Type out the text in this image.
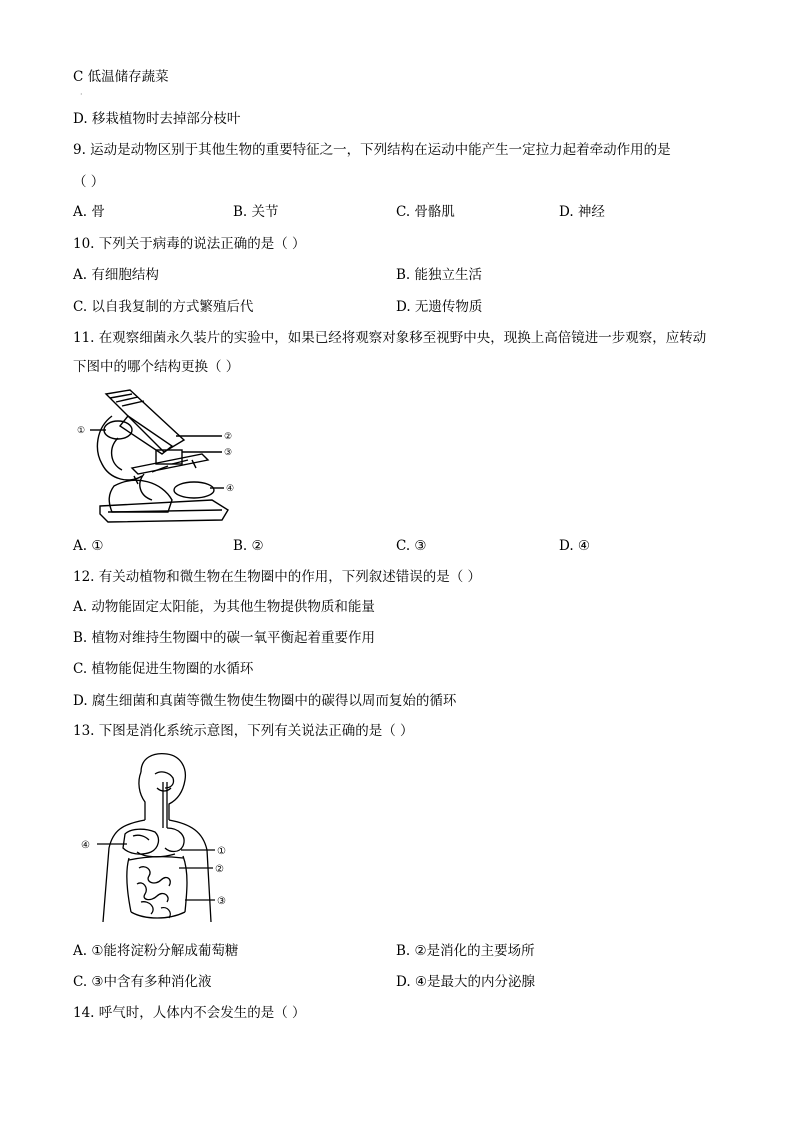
C 低温储存蔬菜
·
D. 移栽植物时去掉部分枝叶
9. 运动是动物区别于其他生物的重要特征之一，下列结构在运动中能产生一定拉力起着牵动作用的是
（ ）
A. 骨	B. 关节	C. 骨骼肌	D. 神经
10. 下列关于病毒的说法正确的是（ ）
A. 有细胞结构	B. 能独立生活
C. 以自我复制的方式繁殖后代	D. 无遗传物质
11. 在观察细菌永久装片的实验中，如果已经将观察对象移至视野中央，现换上高倍镜进一步观察，应转动
下图中的哪个结构更换（ ）
①
②
③
④
A. ①	B. ②	C. ③	D. ④
12. 有关动植物和微生物在生物圈中的作用，下列叙述错误的是（ ）
A. 动物能固定太阳能，为其他生物提供物质和能量
B. 植物对维持生物圈中的碳一氧平衡起着重要作用
C. 植物能促进生物圈的水循环
D. 腐生细菌和真菌等微生物使生物圈中的碳得以周而复始的循环
13. 下图是消化系统示意图，下列有关说法正确的是（ ）
④
①
②
③
A. ①能将淀粉分解成葡萄糖	B. ②是消化的主要场所
C. ③中含有多种消化液	D. ④是最大的内分泌腺
14. 呼气时，人体内不会发生的是（ ）
